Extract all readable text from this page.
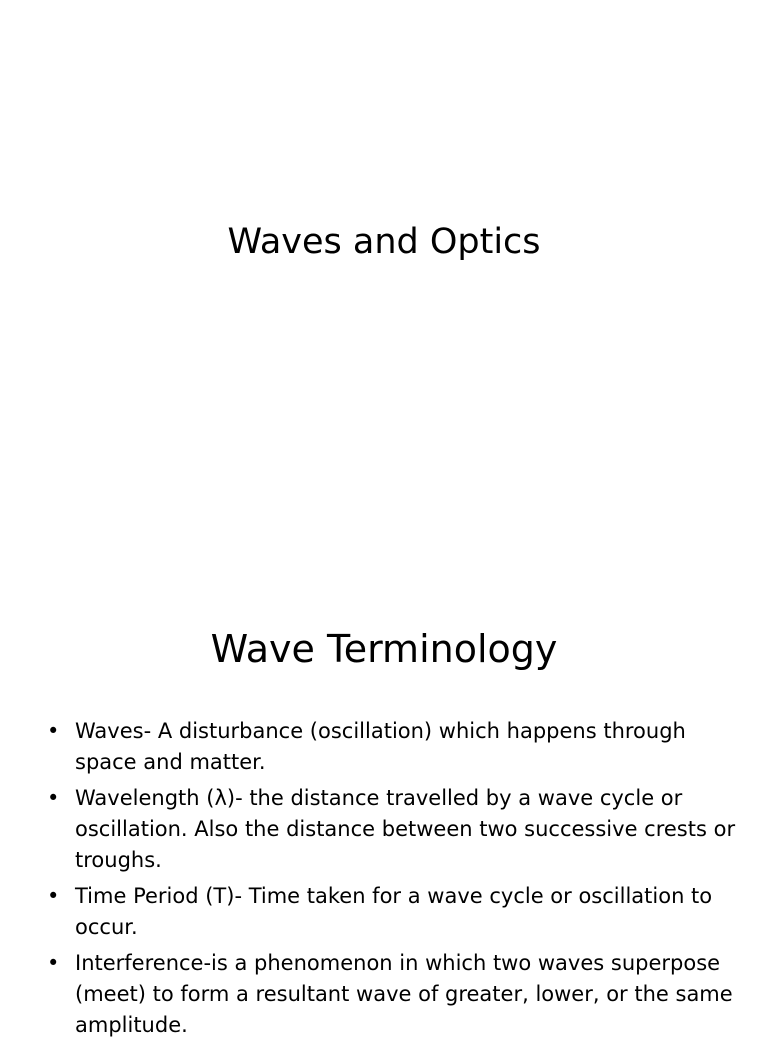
Waves and Optics
Wave Terminology
• Waves- A disturbance (oscillation) which happens through space and matter.
• Wavelength (λ)- the distance travelled by a wave cycle or oscillation. Also the distance between two successive crests or troughs.
• Time Period (T)- Time taken for a wave cycle or oscillation to occur.
• Interference-is a phenomenon in which two waves superpose (meet) to form a resultant wave of greater, lower, or the same amplitude.
